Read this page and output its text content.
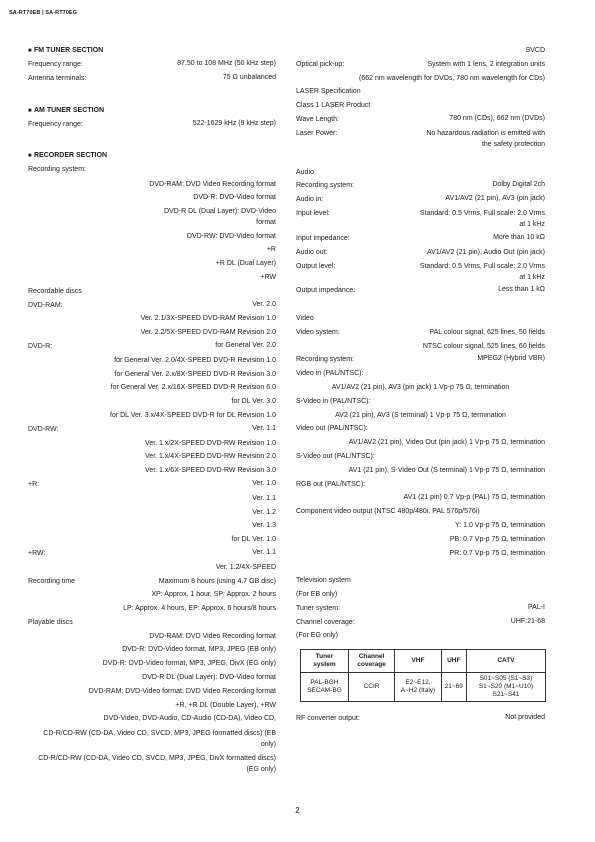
SA-RT70EB | SA-RT70EG
■ FM TUNER SECTION
Frequency range:	87.50 to 108 MHz (50 kHz step)
Antenna terminals:	75 Ω unbalanced
■ AM TUNER SECTION
Frequency range:	522-1629 kHz (9 kHz step)
■ RECORDER SECTION
Recording system:
DVD-RAM: DVD Video Recording format
DVD-R: DVD-Video format
DVD-R DL (Dual Layer): DVD-Video format
DVD-RW: DVD-Video format
+R
+R DL (Dual Layer)
+RW
Recordable discs
DVD-RAM:	Ver. 2.0
Ver. 2.1/3X-SPEED DVD-RAM Revision 1.0
Ver. 2.2/5X-SPEED DVD-RAM Revision 2.0
DVD-R:	for General Ver. 2.0
for General Ver. 2.0/4X-SPEED DVD-R Revision 1.0
for General Ver. 2.x/8X-SPEED DVD-R Revision 3.0
for General Ver. 2.x/16X-SPEED DVD-R Revision 6.0
for DL Ver. 3.0
for DL Ver. 3.x/4X-SPEED DVD-R for DL Revision 1.0
DVD-RW:	Ver. 1.1
Ver. 1.x/2X-SPEED DVD-RW Revision 1.0
Ver. 1.x/4X-SPEED DVD-RW Revision 2.0
Ver. 1.x/6X-SPEED DVD-RW Revision 3.0
+R:	Ver. 1.0
Ver. 1.1
Ver. 1.2
Ver. 1.3
for DL Ver. 1.0
+RW:	Ver. 1.1
Ver. 1.2/4X-SPEED
Recording time	Maximum 8 hours (using 4.7 GB disc)
XP: Approx. 1 hour, SP: Approx. 2 hours
LP: Approx. 4 hours, EP: Approx. 6 hours/8 hours
Playable discs
DVD-RAM: DVD Video Recording format
DVD-R: DVD-Video format, MP3, JPEG (EB only)
DVD-R: DVD-Video format, MP3, JPEG, DivX (EG only)
DVD-R DL (Dual Layer): DVD-Video format
DVD-RAM: DVD-Video format, DVD Video Recording format
+R, +R DL (Double Layer), +RW
DVD-Video, DVD-Audio, CD-Audio (CD-DA), Video CD,
CD-R/CD-RW (CD-DA, Video CD, SVCD, MP3, JPEG formatted discs) (EB only)
CD-R/CD-RW (CD-DA, Video CD, SVCD, MP3, JPEG, DivX formatted discs) (EG only)
SVCD
Optical pick-up:	System with 1 lens, 2 integration units
(662 nm wavelength for DVDs, 780 nm wavelength for CDs)
LASER Specification
Class 1 LASER Product
Wave Length:	780 nm (CDs), 662 nm (DVDs)
Laser Power:	No hazardous radiation is emitted with the safety protection
Audio
Recording system:	Dolby Digital 2ch
Audio in:	AV1/AV2 (21 pin), AV3 (pin jack)
Input level:	Standard: 0.5 Vrms, Full scale: 2.0 Vrms at 1 kHz
Input impedance:	More than 10 kΩ
Audio out:	AV1/AV2 (21 pin), Audio Out (pin jack)
Output level:	Standard: 0.5 Vrms, Full scale: 2.0 Vrms at 1 kHz
Output impedance:	Less than 1 kΩ
Video
Video system:	PAL colour signal, 625 lines, 50 fields
NTSC colour signal, 525 lines, 60 fields
Recording system:	MPEG2 (Hybrid VBR)
Video in (PAL/NTSC):
AV1/AV2 (21 pin), AV3 (pin jack) 1 Vp-p 75 Ω, termination
S-Video in (PAL/NTSC):
AV2 (21 pin), AV3 (S terminal) 1 Vp-p 75 Ω, termination
Video out (PAL/NTSC):
AV1/AV2 (21 pin), Video Out (pin jack) 1 Vp-p 75 Ω, termination
S-Video out (PAL/NTSC):
AV1 (21 pin), S-Video Out (S terminal) 1 Vp-p 75 Ω, termination
RGB out (PAL/NTSC):
AV1 (21 pin) 0.7 Vp-p (PAL) 75 Ω, termination
Component video output (NTSC 480p/480i, PAL 576p/576i)
Y: 1.0 Vp-p 75 Ω, termination
PB: 0.7 Vp-p 75 Ω, termination
PR: 0.7 Vp-p 75 Ω, termination
Television system
(For EB only)
Tuner system:	PAL-I
Channel coverage:	UHF:21-68
(For EG only)
Tuner system	Channel coverage	VHF	UHF	CATV
PAL-BGH SECAM-BG	CCIR	E2~E12, A~H2 (Italy)	21~69	S01~S05 (S1~S3) S1~S20 (M1~U10) S21~S41
RF converter output:	Not provided
2
